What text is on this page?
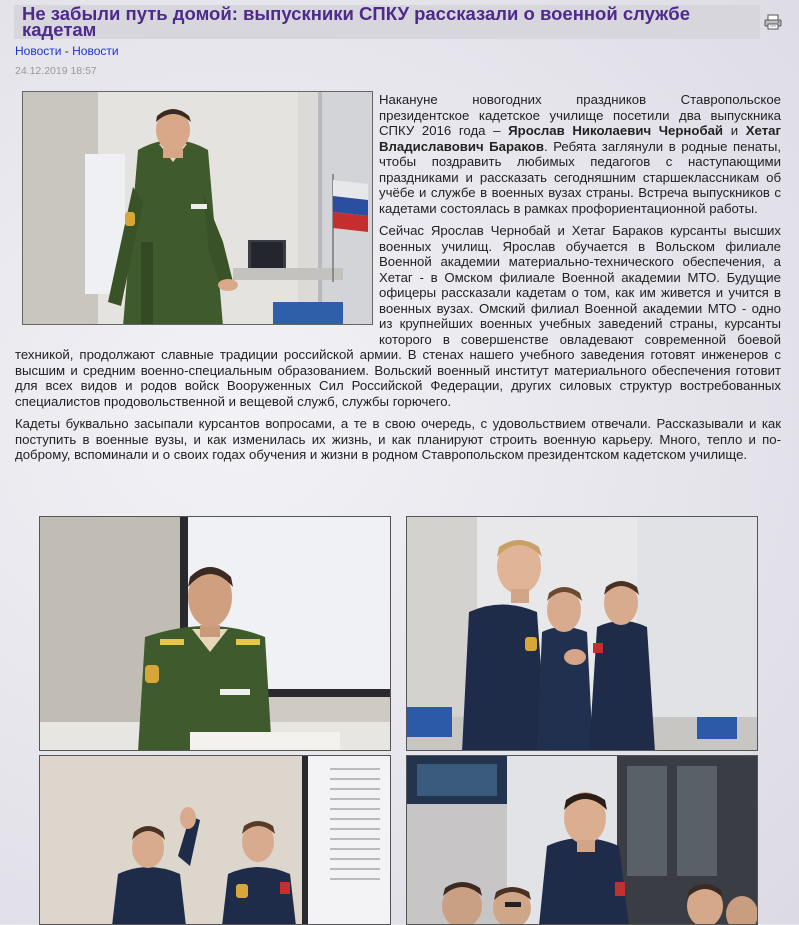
Не забыли путь домой: выпускники СПКУ рассказали о военной службе кадетам
Новости - Новости
24.12.2019 18:57

Накануне новогодних праздников Ставропольское президентское кадетское училище посетили два выпускника СПКУ 2016 года – Ярослав Николаевич Чернобай и Хетаг Владиславович Бараков. Ребята заглянули в родные пенаты, чтобы поздравить любимых педагогов с наступающими праздниками и рассказать сегодняшним старшеклассникам об учёбе и службе в военных вузах страны. Встреча выпускников с кадетами состоялась в рамках профориентационной работы.

Сейчас Ярослав Чернобай и Хетаг Бараков курсанты высших военных училищ. Ярослав обучается в Вольском филиале Военной академии материально-технического обеспечения, а Хетаг - в Омском филиале Военной академии МТО. Будущие офицеры рассказали кадетам о том, как им живется и учится в военных вузах. Омский филиал Военной академии МТО - одно из крупнейших военных учебных заведений страны, курсанты которого в совершенстве овладевают современной боевой техникой, продолжают славные традиции российской армии. В стенах нашего учебного заведения готовят инженеров с высшим и средним военно-специальным образованием. Вольский военный институт материального обеспечения готовит для всех видов и родов войск Вооруженных Сил Российской Федерации, других силовых структур востребованных специалистов продовольственной и вещевой служб, службы горючего.

Кадеты буквально засыпали курсантов вопросами, а те в свою очередь, с удовольствием отвечали. Рассказывали и как поступить в военные вузы, и как изменилась их жизнь, и как планируют строить военную карьеру. Много, тепло и по-доброму, вспоминали и о своих годах обучения и жизни в родном Ставропольском президентском кадетском училище.
